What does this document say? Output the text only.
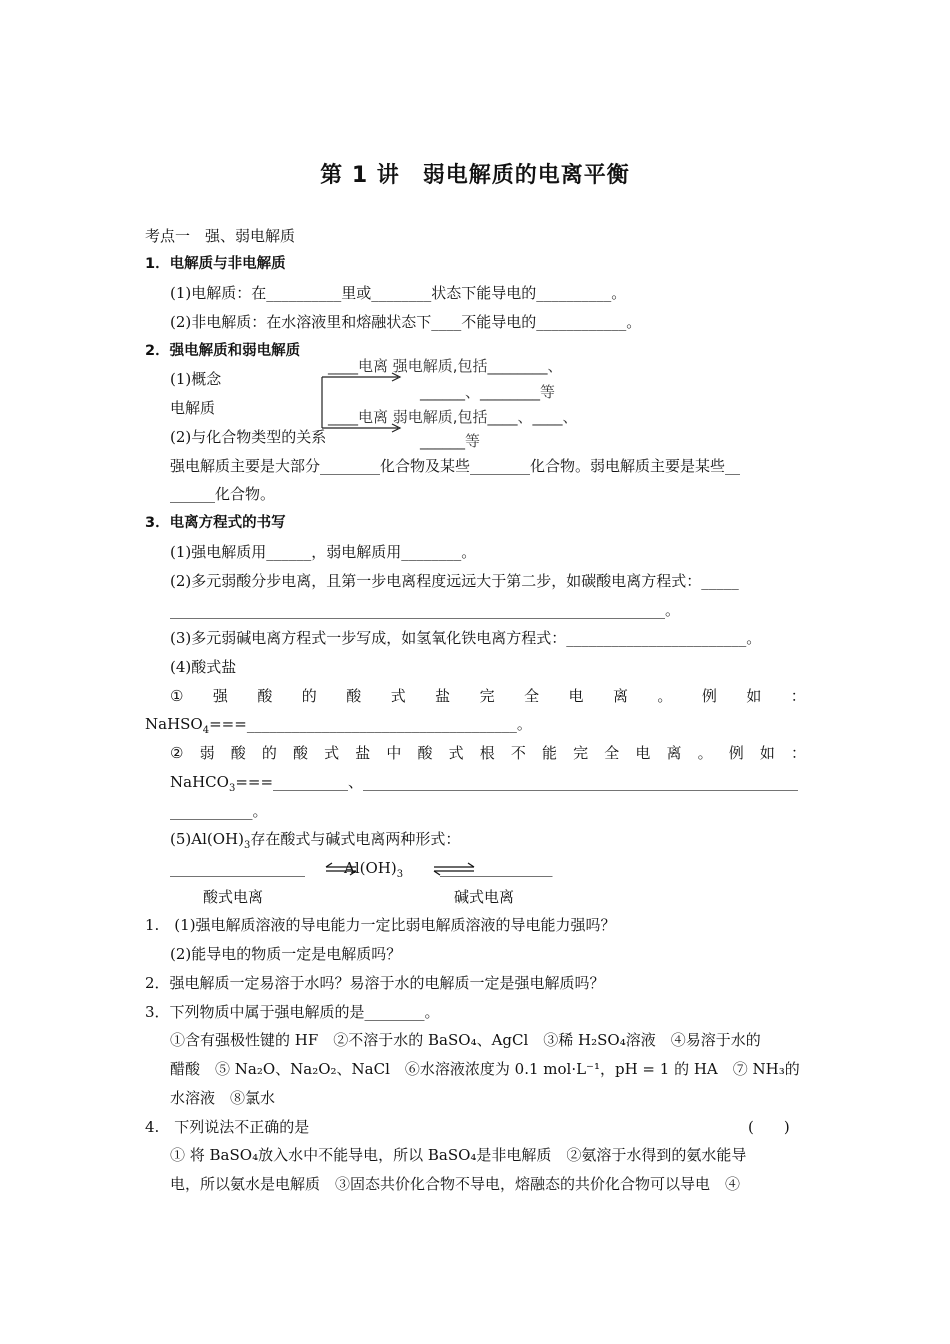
第 1 讲　弱电解质的电离平衡
考点一　强、弱电解质
1．电解质与非电解质
(1)电解质：在__________里或________状态下能导电的__________。
(2)非电解质：在水溶液里和熔融状态下____不能导电的____________。
2．强电解质和弱电解质
(1)概念
电解质
(2)与化合物类型的关系
____电离 强电解质,包括________、
______、________等
____电离 弱电解质,包括____、____、
______等
强电解质主要是大部分________化合物及某些________化合物。弱电解质主要是某些__
______化合物。
3．电离方程式的书写
(1)强电解质用______，弱电解质用________。
(2)多元弱酸分步电离，且第一步电离程度远远大于第二步，如碳酸电离方程式：_____
__________________________________________________________________。
(3)多元弱碱电离方程式一步写成，如氢氧化铁电离方程式：________________________。
(4)酸式盐
① 强 酸 的 酸 式 盐 完 全 电 离 。 例 如 ：
NaHSO$_4$===____________________________________。
② 弱 酸 的 酸 式 盐 中 酸 式 根 不 能 完 全 电 离 。 例 如 ：
NaHCO$_3$===__________、__________________________________________________________
___________。
$(5)Al(OH)_3$存在酸式与碱式电离两种形式：
__________________	$Al(OH)_3$ _______________
酸式电离	碱式电离
1.　(1)强电解质溶液的导电能力一定比弱电解质溶液的导电能力强吗？
(2)能导电的物质一定是电解质吗？
2．强电解质一定易溶于水吗？易溶于水的电解质一定是强电解质吗？
3．下列物质中属于强电解质的是________。
①含有强极性键的 HF　②不溶于水的 BaSO₄、AgCl　③稀 H₂SO₄溶液　④易溶于水的
醋酸　⑤ Na₂O、Na₂O₂、NaCl　⑥水溶液浓度为 0.1 mol·L⁻¹，pH = 1 的 HA　⑦ NH₃的
水溶液　⑧氯水
4.　下列说法不正确的是	(　　)
① 将 BaSO₄放入水中不能导电，所以 BaSO₄是非电解质　②氨溶于水得到的氨水能导
电，所以氨水是电解质　③固态共价化合物不导电，熔融态的共价化合物可以导电　④
